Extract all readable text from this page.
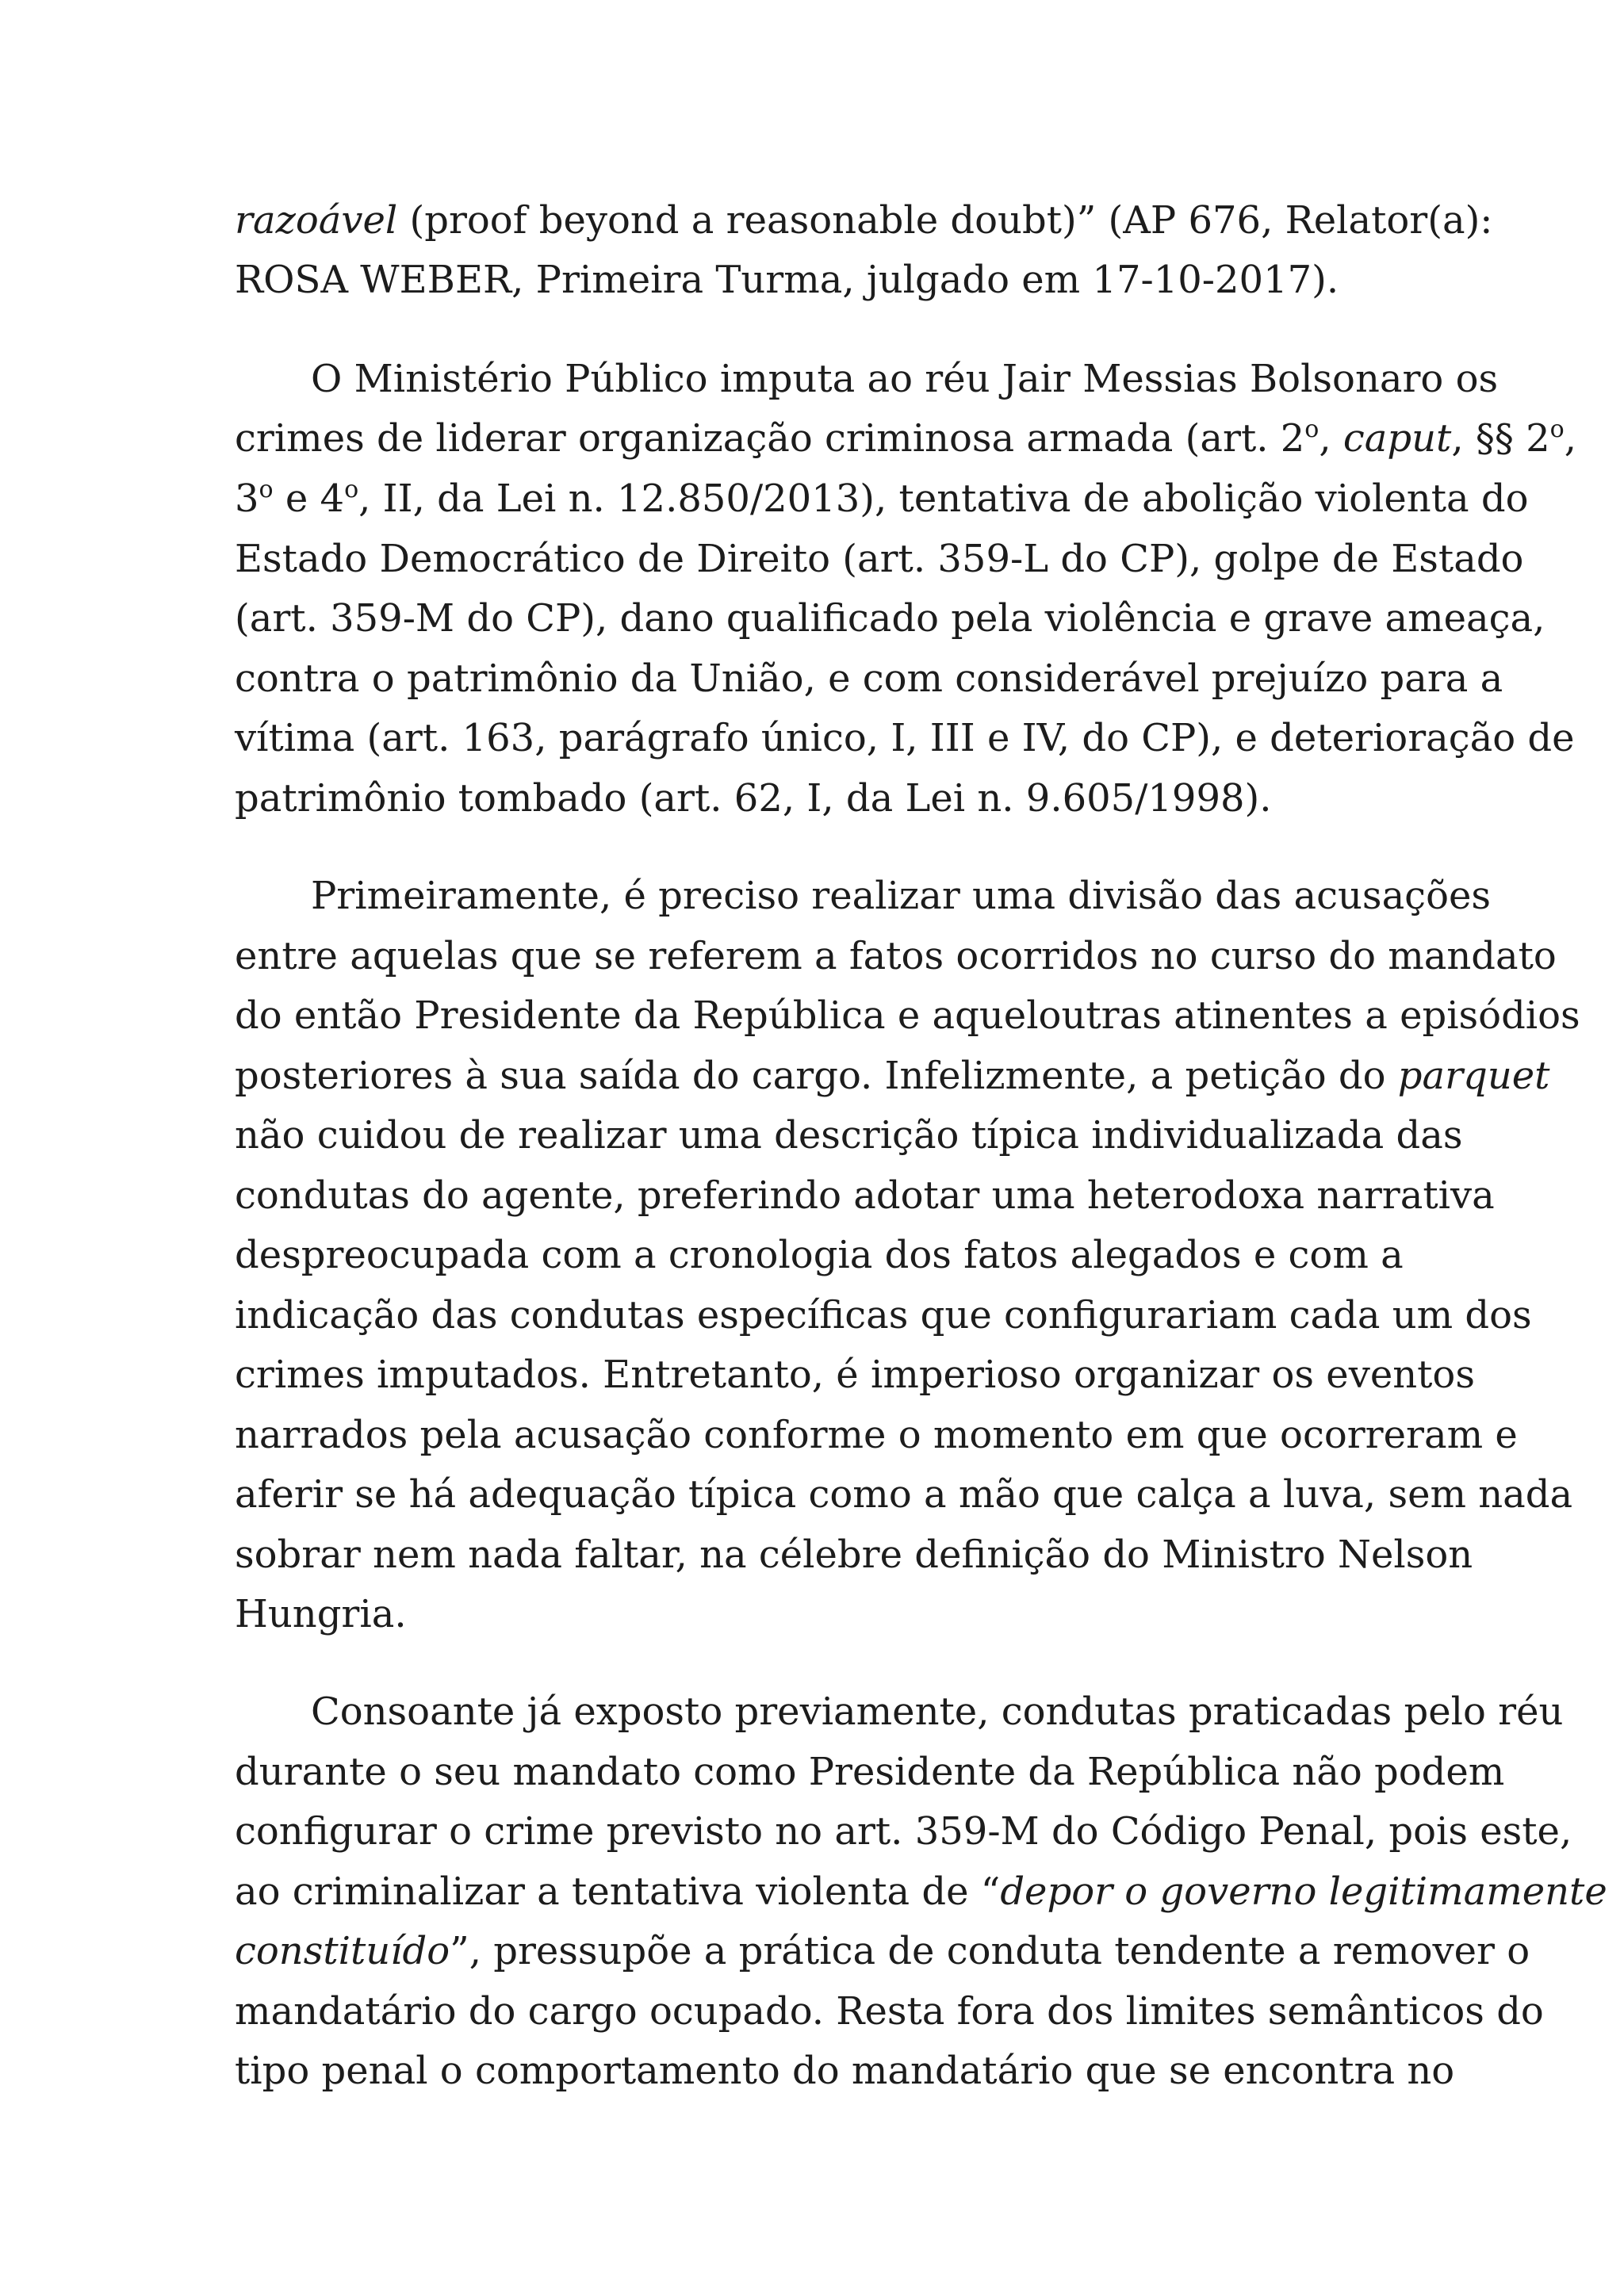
razoável (proof beyond a reasonable doubt)” (AP 676, Relator(a):
ROSA WEBER, Primeira Turma, julgado em 17-10-2017).
O Ministério Público imputa ao réu Jair Messias Bolsonaro os
crimes de liderar organização criminosa armada (art. 2$^o$, caput, §§ 2$^o$,
3$^o$ e 4$^o$, II, da Lei n. 12.850/2013), tentativa de abolição violenta do
Estado Democrático de Direito (art. 359-L do CP), golpe de Estado
(art. 359-M do CP), dano qualificado pela violência e grave ameaça,
contra o patrimônio da União, e com considerável prejuízo para a
vítima (art. 163, parágrafo único, I, III e IV, do CP), e deterioração de
patrimônio tombado (art. 62, I, da Lei n. 9.605/1998).
Primeiramente, é preciso realizar uma divisão das acusações
entre aquelas que se referem a fatos ocorridos no curso do mandato
do então Presidente da República e aqueloutras atinentes a episódios
posteriores à sua saída do cargo. Infelizmente, a petição do parquet
não cuidou de realizar uma descrição típica individualizada das
condutas do agente, preferindo adotar uma heterodoxa narrativa
despreocupada com a cronologia dos fatos alegados e com a
indicação das condutas específicas que configurariam cada um dos
crimes imputados. Entretanto, é imperioso organizar os eventos
narrados pela acusação conforme o momento em que ocorreram e
aferir se há adequação típica como a mão que calça a luva, sem nada
sobrar nem nada faltar, na célebre definição do Ministro Nelson
Hungria.
Consoante já exposto previamente, condutas praticadas pelo réu
durante o seu mandato como Presidente da República não podem
configurar o crime previsto no art. 359-M do Código Penal, pois este,
ao criminalizar a tentativa violenta de “depor o governo legitimamente
constituído”, pressupõe a prática de conduta tendente a remover o
mandatário do cargo ocupado. Resta fora dos limites semânticos do
tipo penal o comportamento do mandatário que se encontra no
